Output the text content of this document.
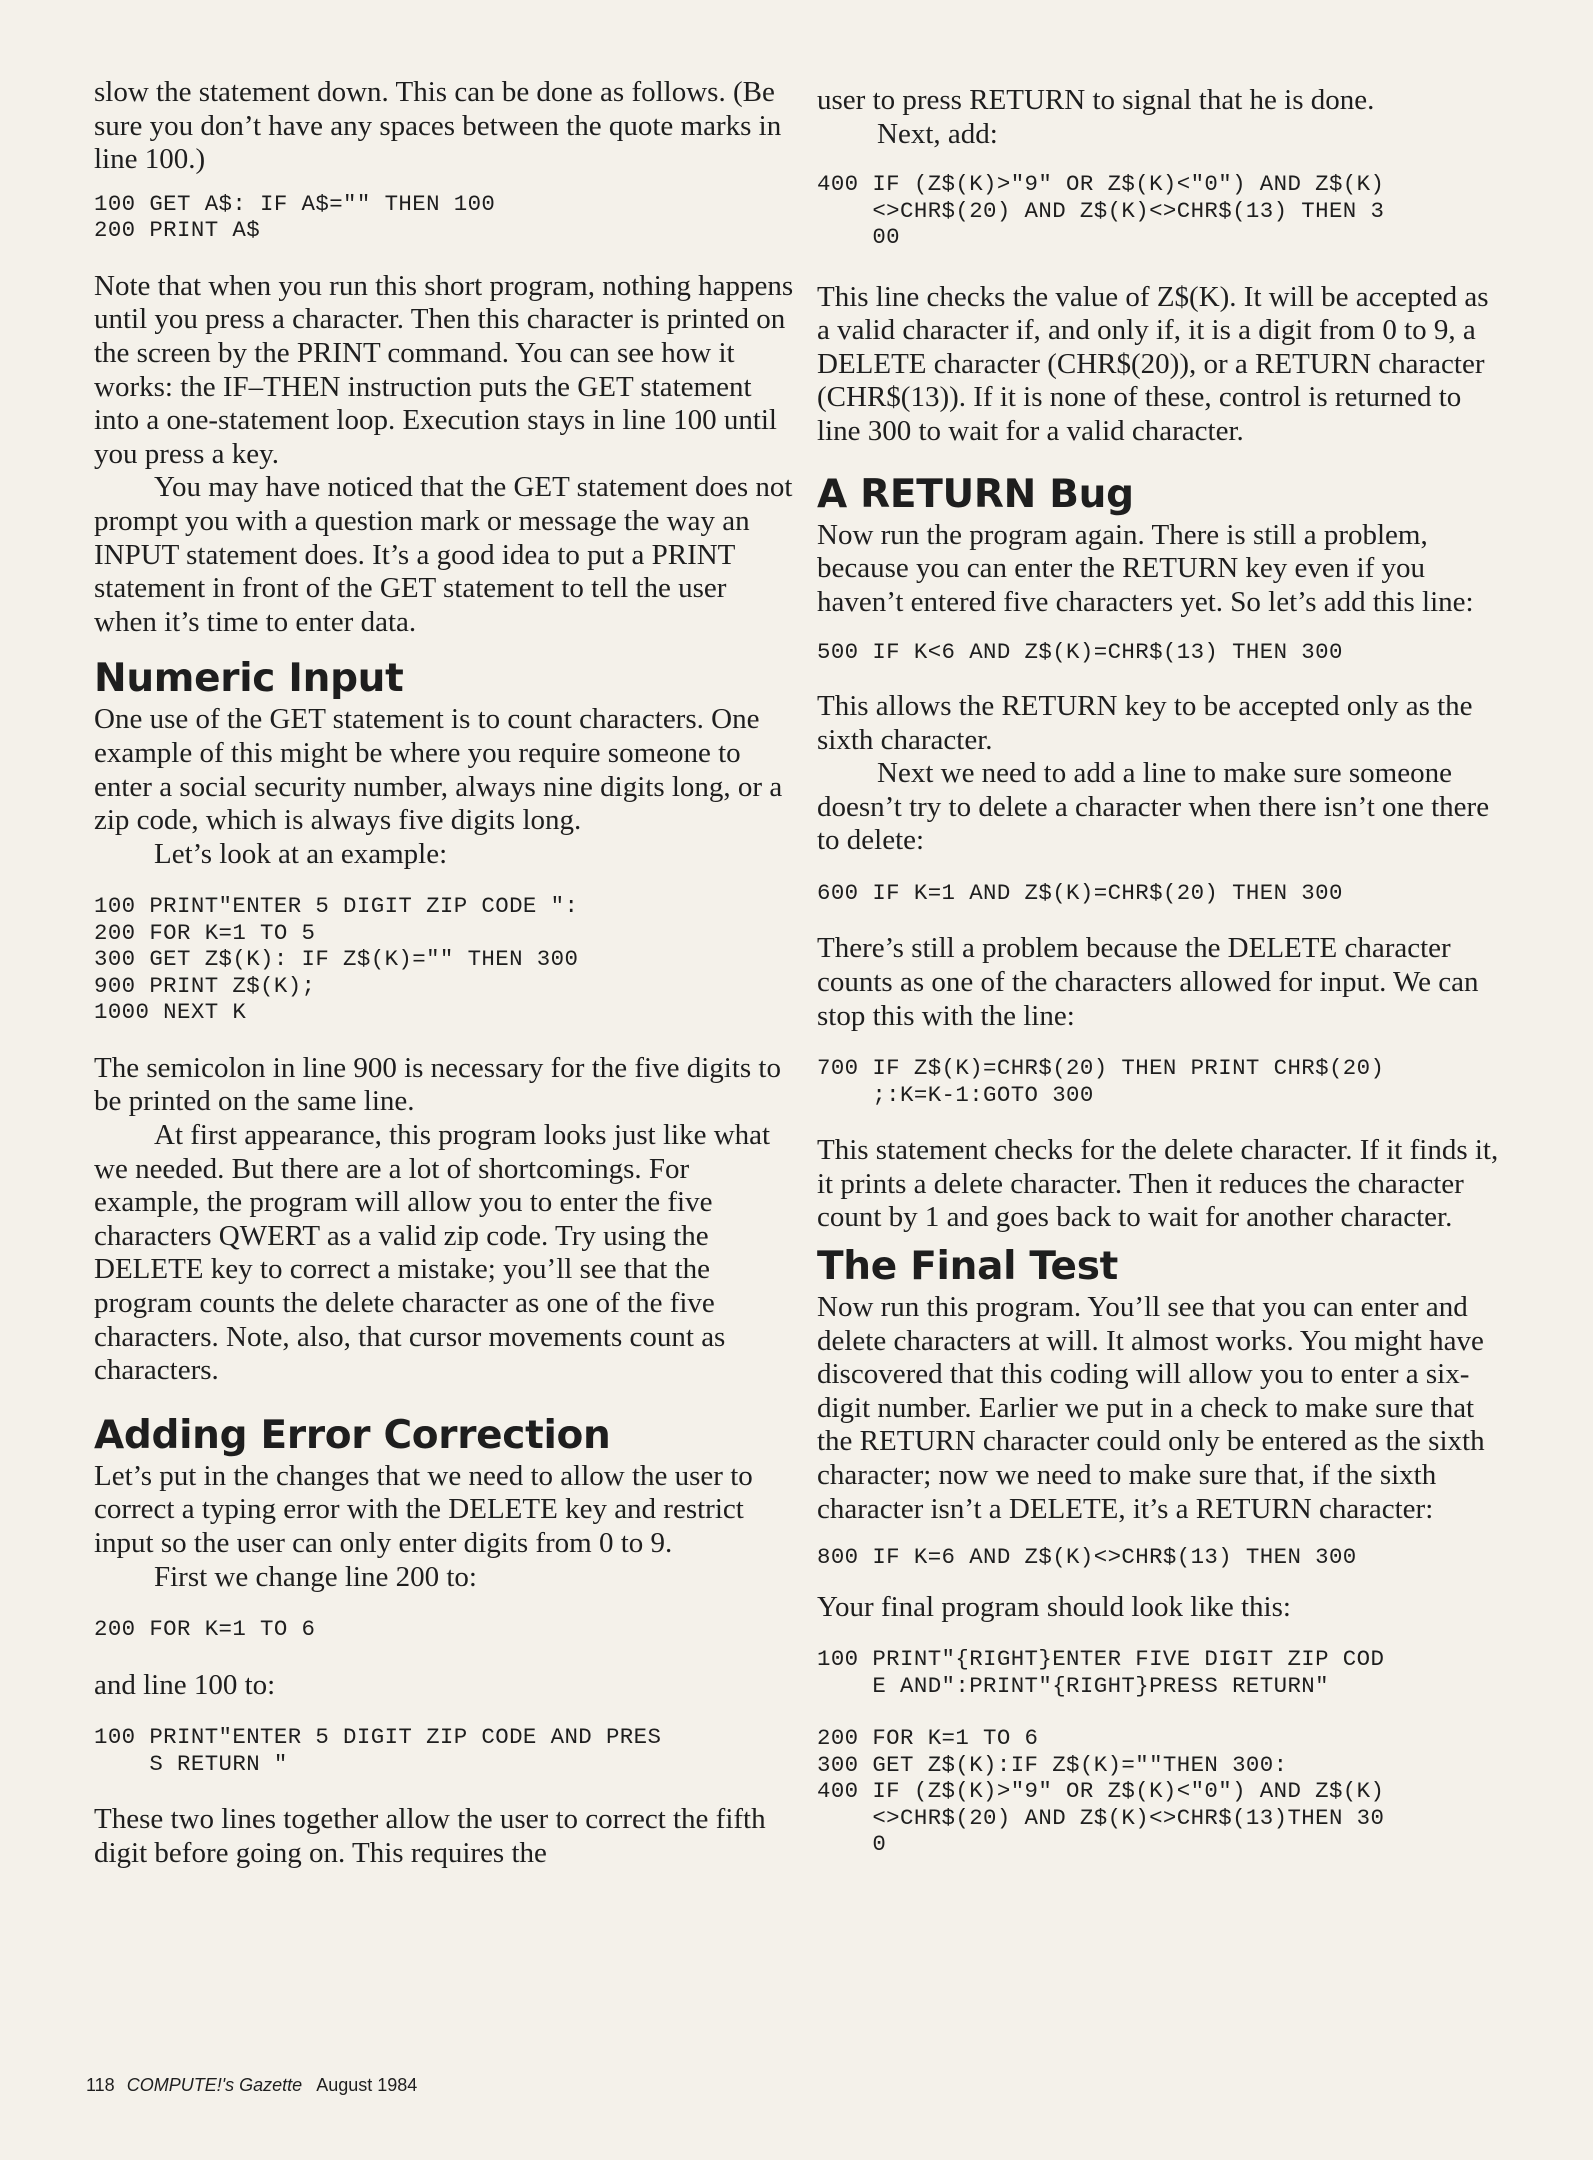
slow the statement down. This can be done as follows. (Be sure you don’t have any spaces between the quote marks in line 100.)

100 GET A$: IF A$="" THEN 100
200 PRINT A$

Note that when you run this short program, nothing happens until you press a character. Then this character is printed on the screen by the PRINT command. You can see how it works: the IF–THEN instruction puts the GET statement into a one-statement loop. Execution stays in line 100 until you press a key.

You may have noticed that the GET statement does not prompt you with a question mark or message the way an INPUT statement does. It’s a good idea to put a PRINT statement in front of the GET statement to tell the user when it’s time to enter data.

Numeric Input

One use of the GET statement is to count characters. One example of this might be where you require someone to enter a social security number, always nine digits long, or a zip code, which is always five digits long.

Let’s look at an example:

100 PRINT"ENTER 5 DIGIT ZIP CODE ":
200 FOR K=1 TO 5
300 GET Z$(K): IF Z$(K)="" THEN 300
900 PRINT Z$(K);
1000 NEXT K

The semicolon in line 900 is necessary for the five digits to be printed on the same line.

At first appearance, this program looks just like what we needed. But there are a lot of shortcomings. For example, the program will allow you to enter the five characters QWERT as a valid zip code. Try using the DELETE key to correct a mistake; you’ll see that the program counts the delete character as one of the five characters. Note, also, that cursor movements count as characters.

Adding Error Correction

Let’s put in the changes that we need to allow the user to correct a typing error with the DELETE key and restrict input so the user can only enter digits from 0 to 9.

First we change line 200 to:

200 FOR K=1 TO 6

and line 100 to:

100 PRINT"ENTER 5 DIGIT ZIP CODE AND PRES
S RETURN "

These two lines together allow the user to correct the fifth digit before going on. This requires the

user to press RETURN to signal that he is done.

Next, add:

400 IF (Z$(K)>"9" OR Z$(K)<"0") AND Z$(K)
<>CHR$(20) AND Z$(K)<>CHR$(13) THEN 3
00

This line checks the value of Z$(K). It will be accepted as a valid character if, and only if, it is a digit from 0 to 9, a DELETE character (CHR$(20)), or a RETURN character (CHR$(13)). If it is none of these, control is returned to line 300 to wait for a valid character.

A RETURN Bug

Now run the program again. There is still a problem, because you can enter the RETURN key even if you haven’t entered five characters yet. So let’s add this line:

500 IF K<6 AND Z$(K)=CHR$(13) THEN 300

This allows the RETURN key to be accepted only as the sixth character.

Next we need to add a line to make sure someone doesn’t try to delete a character when there isn’t one there to delete:

600 IF K=1 AND Z$(K)=CHR$(20) THEN 300

There’s still a problem because the DELETE character counts as one of the characters allowed for input. We can stop this with the line:

700 IF Z$(K)=CHR$(20) THEN PRINT CHR$(20)
;:K=K-1:GOTO 300

This statement checks for the delete character. If it finds it, it prints a delete character. Then it reduces the character count by 1 and goes back to wait for another character.

The Final Test

Now run this program. You’ll see that you can enter and delete characters at will. It almost works. You might have discovered that this coding will allow you to enter a six-digit number. Earlier we put in a check to make sure that the RETURN character could only be entered as the sixth character; now we need to make sure that, if the sixth character isn’t a DELETE, it’s a RETURN character:

800 IF K=6 AND Z$(K)<>CHR$(13) THEN 300

Your final program should look like this:

100 PRINT"{RIGHT}ENTER FIVE DIGIT ZIP COD
E AND":PRINT"{RIGHT}PRESS RETURN"
200 FOR K=1 TO 6
300 GET Z$(K):IF Z$(K)=""THEN 300:
400 IF (Z$(K)>"9" OR Z$(K)<"0") AND Z$(K)
<>CHR$(20) AND Z$(K)<>CHR$(13)THEN 30
0
118 COMPUTE!'s Gazette August 1984
